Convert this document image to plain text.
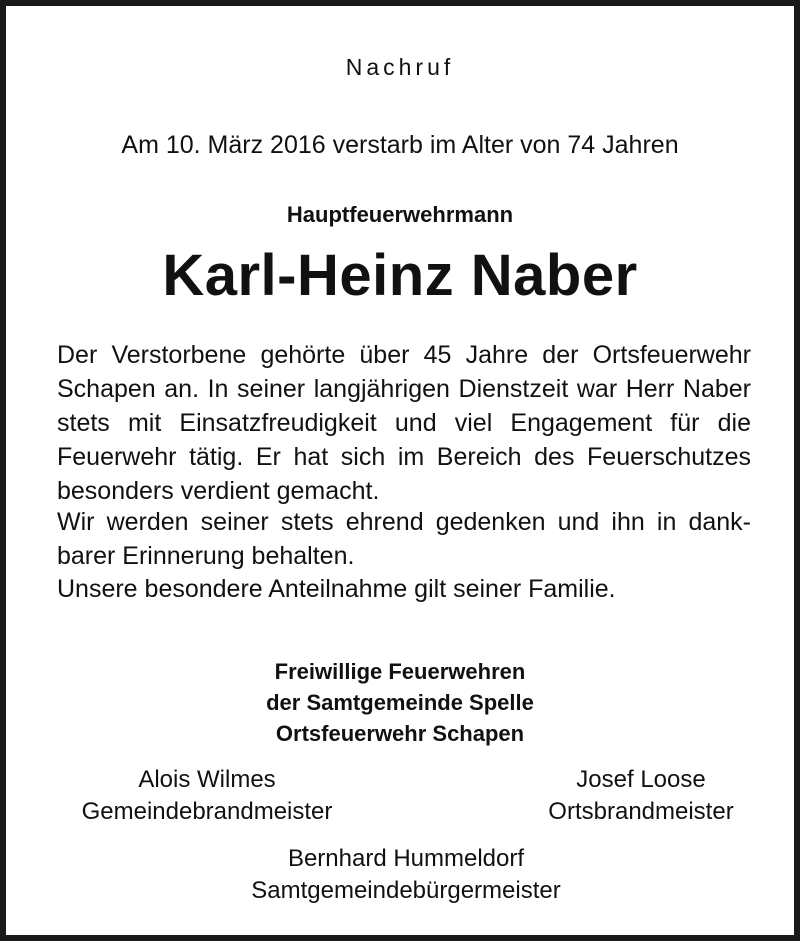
Nachruf
Am 10. März 2016 verstarb im Alter von 74 Jahren
Hauptfeuerwehrmann
Karl-Heinz Naber

Der Verstorbene gehörte über 45 Jahre der Ortsfeuerwehr Schapen an. In seiner langjährigen Dienstzeit war Herr Naber stets mit Einsatzfreudigkeit und viel Engagement für die Feuerwehr tätig. Er hat sich im Bereich des Feuerschutzes besonders verdient gemacht.

Wir werden seiner stets ehrend gedenken und ihn in dankbarer Erinnerung behalten.

Unsere besondere Anteilnahme gilt seiner Familie.

Freiwillige Feuerwehren
der Samtgemeinde Spelle
Ortsfeuerwehr Schapen
Alois Wilmes
Gemeindebrandmeister
Josef Loose
Ortsbrandmeister
Bernhard Hummeldorf
Samtgemeindebürgermeister
